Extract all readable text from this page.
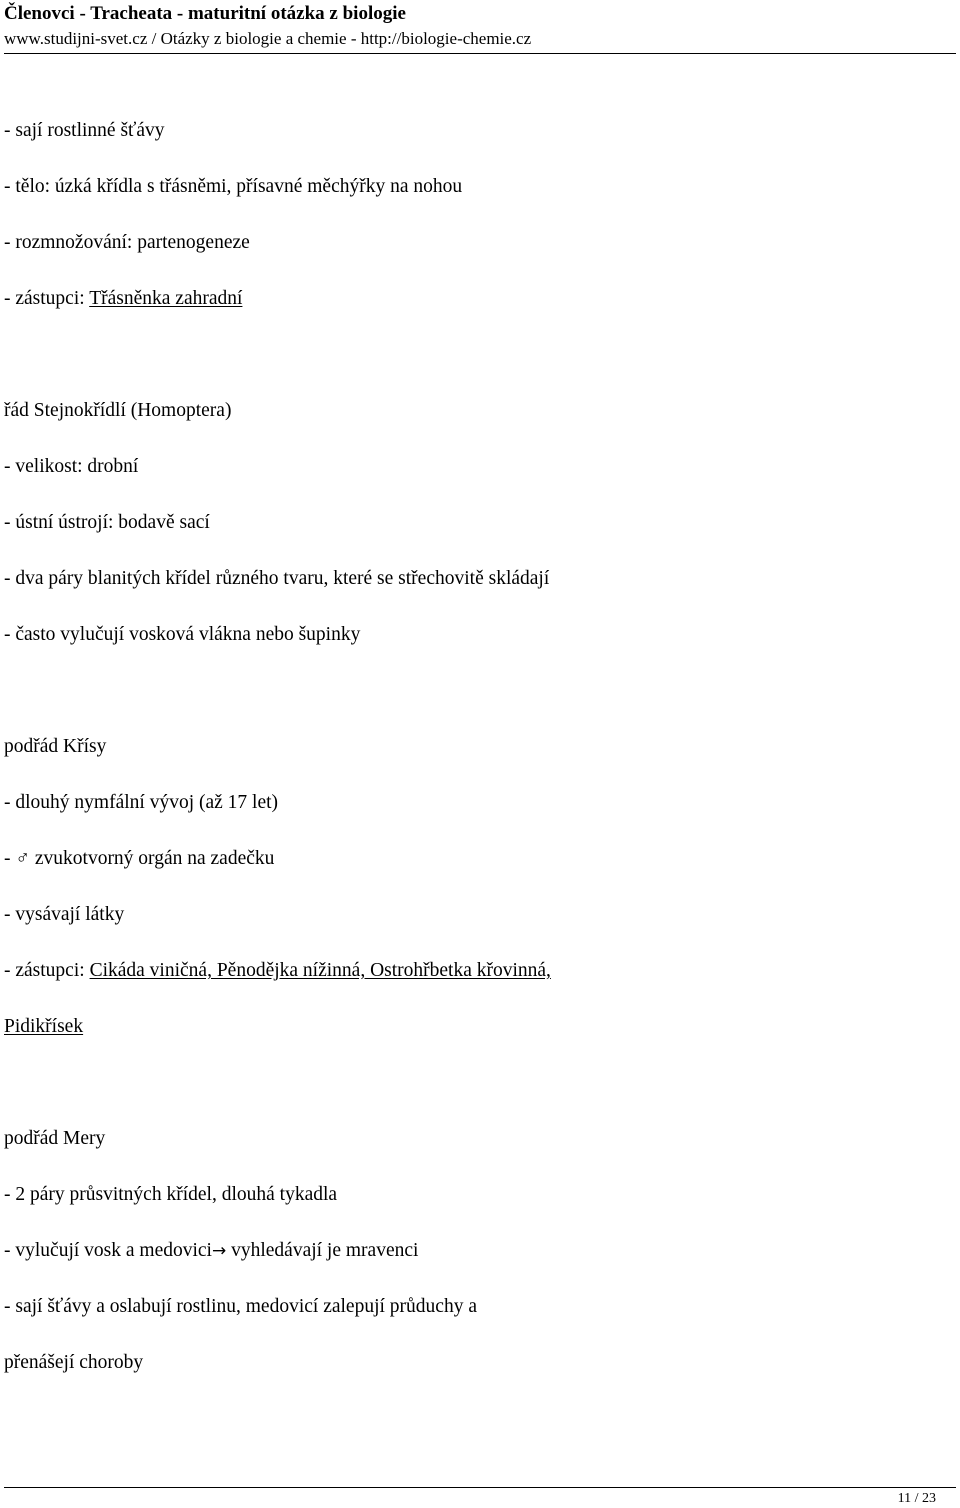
Členovci - Tracheata - maturitní otázka z biologie
www.studijni-svet.cz / Otázky z biologie a chemie - http://biologie-chemie.cz
- sají rostlinné šťávy
- tělo: úzká křídla s třásněmi, přísavné měchýřky na nohou
- rozmnožování: partenogeneze
- zástupci: Třásněnka zahradní
řád Stejnokřídlí (Homoptera)
- velikost: drobní
- ústní ústrojí: bodavě sací
- dva páry blanitých křídel různého tvaru, které se střechovitě skládají
- často vylučují vosková vlákna nebo šupinky
podřád Křísy
- dlouhý nymfální vývoj (až 17 let)
- ♂ zvukotvorný orgán na zadečku
- vysávají látky
- zástupci: Cikáda viničná, Pěnodějka nížinná, Ostrohřbetka křovinná,
Pidikřísek
podřád Mery
- 2 páry průsvitných křídel, dlouhá tykadla
- vylučují vosk a medovici→ vyhledávají je mravenci
- sají šťávy a oslabují rostlinu, medovicí zalepují průduchy a
přenášejí choroby
11 / 23
